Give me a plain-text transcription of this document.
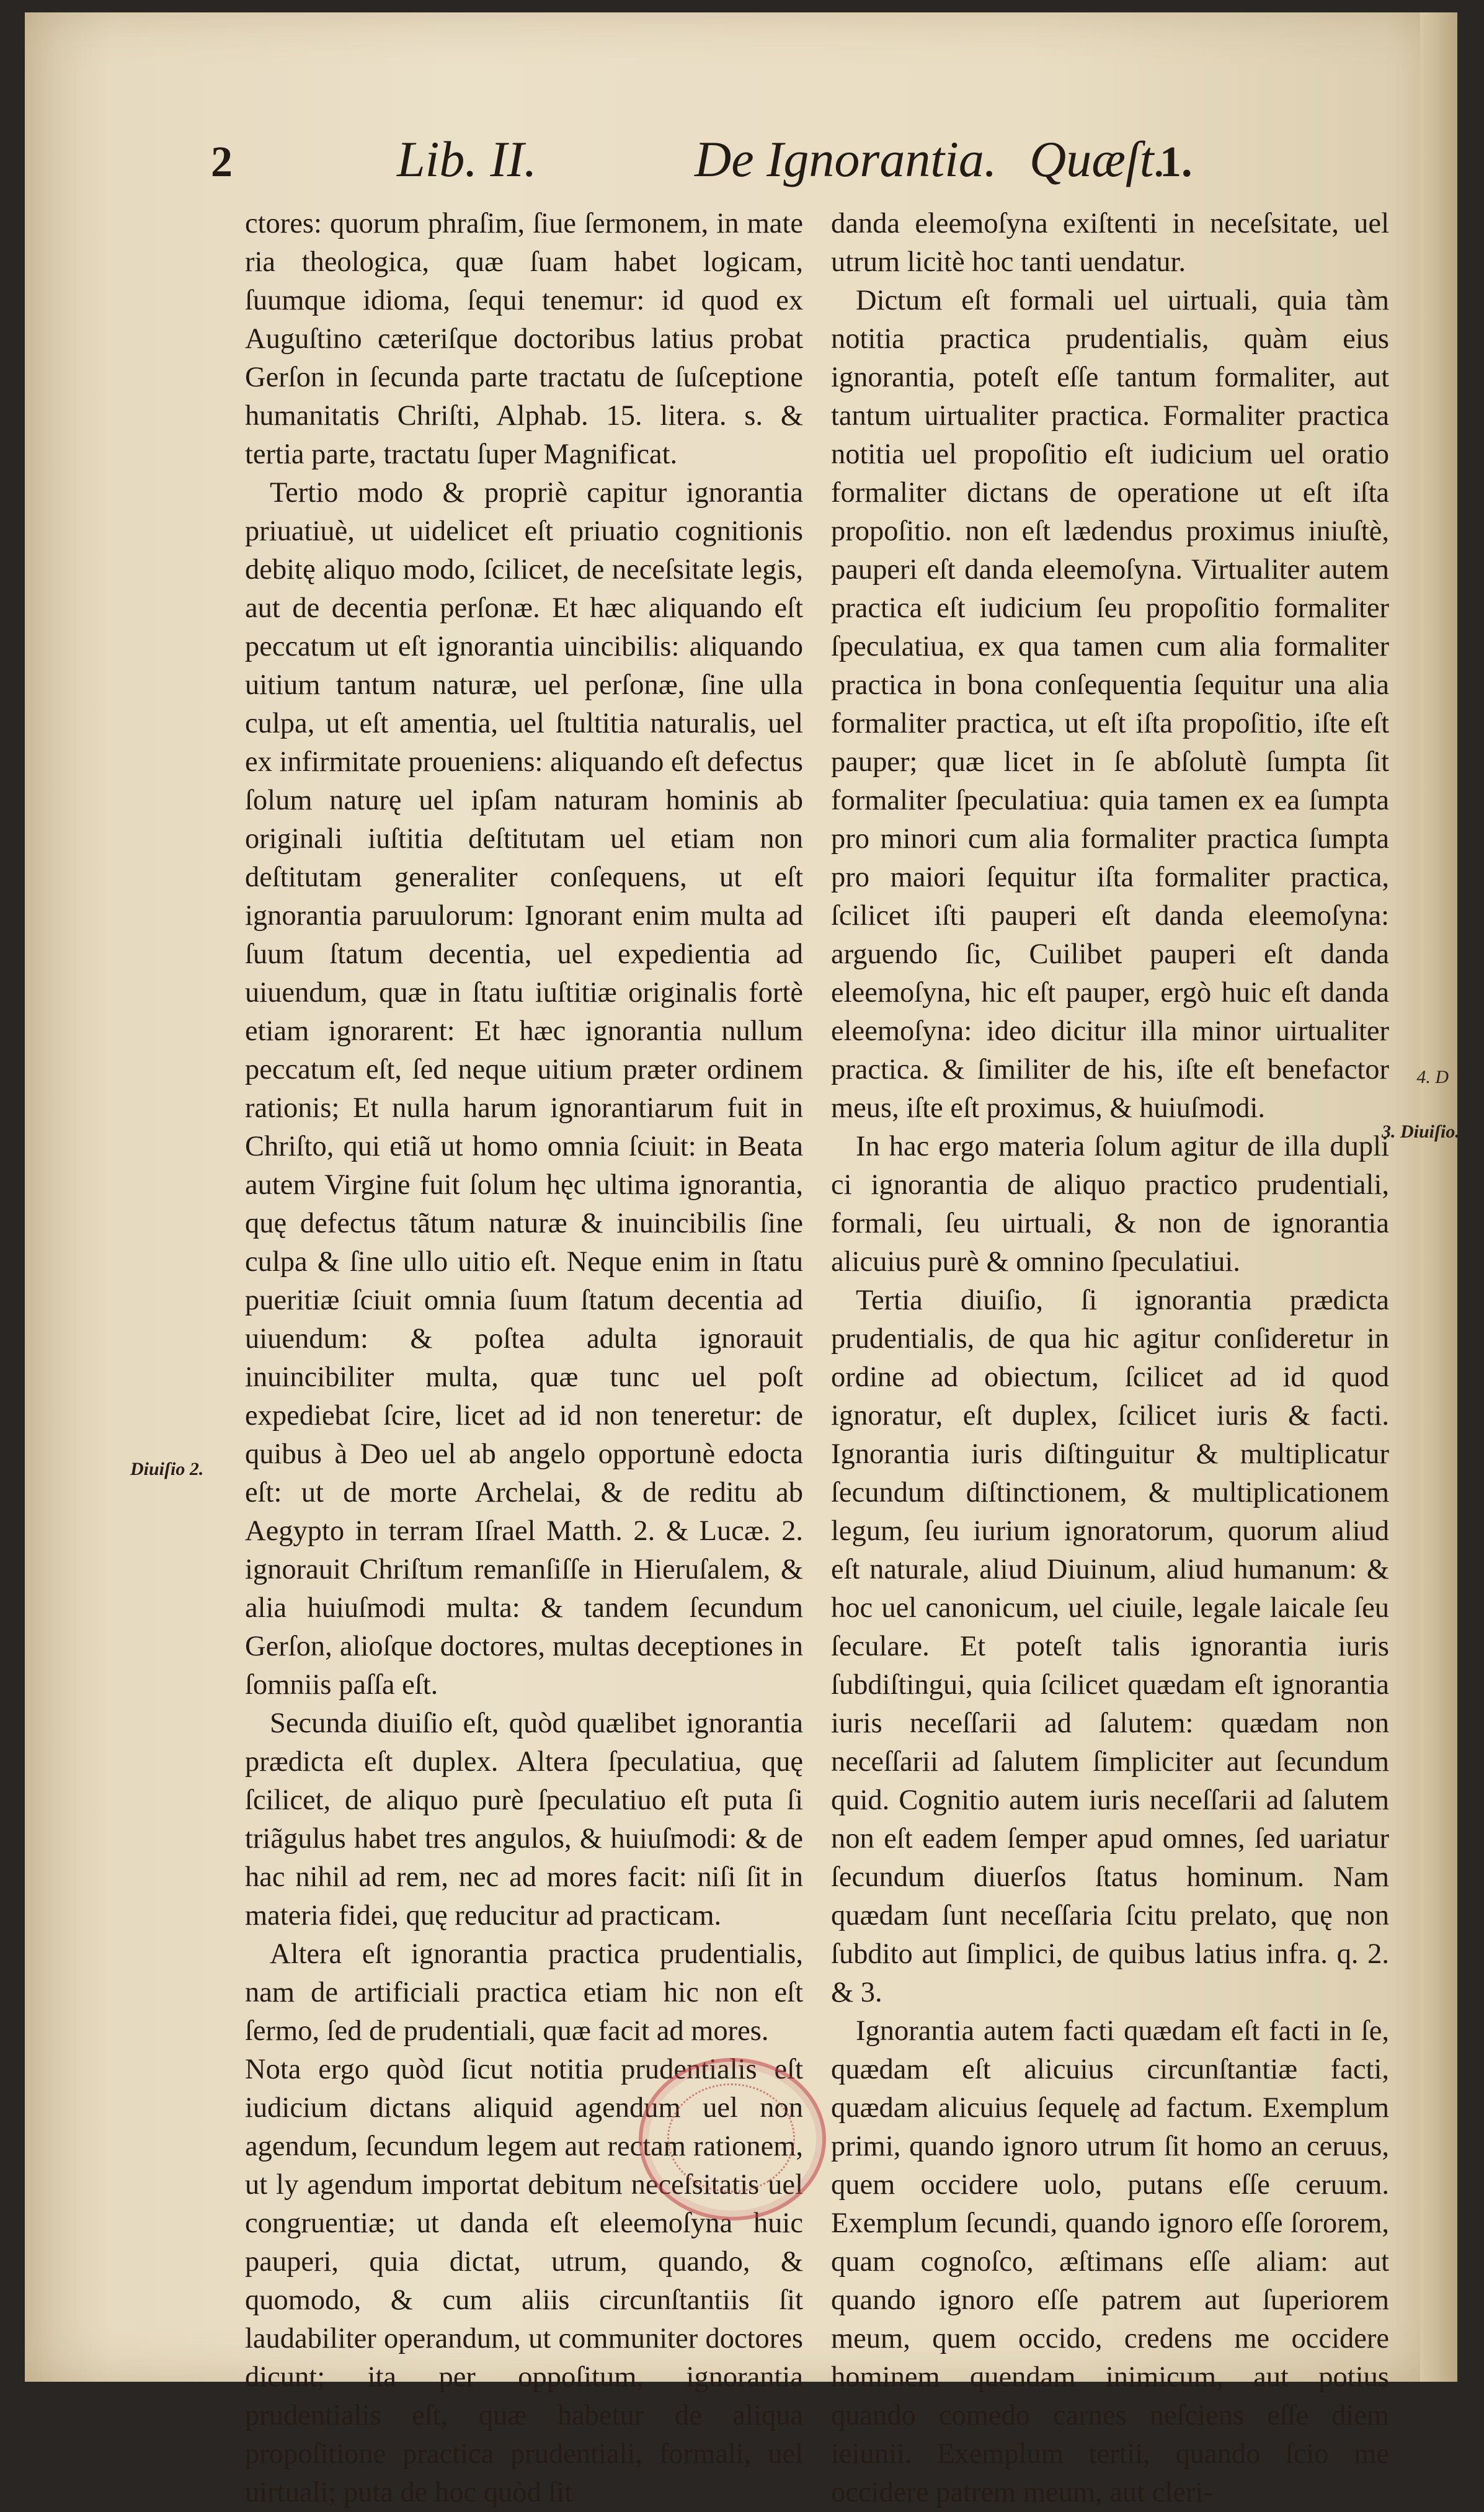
4. D
2	Lib. II.	De Ignorantia. Quæſt.
1.

ctores: quorum phraſim, ſiue ſermonem, in mate ria theologica, quæ ſuam habet logicam, ſuumque idioma, ſequi tenemur: id quod ex Auguſtino cæteriſque doctoribus latius probat Gerſon in ſecunda parte tractatu de ſuſceptione humanitatis Chriſti, Alphab. 15. litera. s. & tertia parte, tractatu ſuper Magnificat.

Tertio modo & propriè capitur ignorantia priuatiuè, ut uidelicet eſt priuatio cognitionis debitę aliquo modo, ſcilicet, de neceſsitate legis, aut de decentia perſonæ. Et hæc aliquando eſt peccatum ut eſt ignorantia uincibilis: aliquando uitium tantum naturæ, uel perſonæ, ſine ulla culpa, ut eſt amentia, uel ſtultitia naturalis, uel ex infirmitate proueniens: aliquando eſt defectus ſolum naturę uel ipſam naturam hominis ab originali iuſtitia deſtitutam uel etiam non deſtitutam generaliter conſequens, ut eſt ignorantia paruulorum: Ignorant enim multa ad ſuum ſtatum decentia, uel expedientia ad uiuendum, quæ in ſtatu iuſtitiæ originalis fortè etiam ignorarent: Et hæc ignorantia nullum peccatum eſt, ſed neque uitium præter ordinem rationis; Et nulla harum ignorantiarum fuit in Chriſto, qui etiã ut homo omnia ſciuit: in Beata autem Virgine fuit ſolum hęc ultima ignorantia, quę defectus tãtum naturæ & inuincibilis ſine culpa & ſine ullo uitio eſt. Neque enim in ſtatu pueritiæ ſciuit omnia ſuum ſtatum decentia ad uiuendum: & poſtea adulta ignorauit inuincibiliter multa, quæ tunc uel poſt expediebat ſcire, licet ad id non teneretur: de quibus à Deo uel ab angelo opportunè edocta eſt: ut de morte Archelai, & de reditu ab Aegypto in terram Iſrael Matth. 2. & Lucæ. 2. ignorauit Chriſtum remanſiſſe in Hieruſalem, & alia huiuſmodi multa: & tandem ſecundum Gerſon, alioſque doctores, multas deceptiones in ſomniis paſſa eſt.

Secunda diuiſio eſt, quòd quælibet ignorantia prædicta eſt duplex. Altera ſpeculatiua, quę ſcilicet, de aliquo purè ſpeculatiuo eſt puta ſi triãgulus habet tres angulos, & huiuſmodi: & de hac nihil ad rem, nec ad mores facit: niſi ſit in materia fidei, quę reducitur ad practicam.

Altera eſt ignorantia practica prudentialis, nam de artificiali practica etiam hic non eſt ſermo, ſed de prudentiali, quæ facit ad mores.

Nota ergo quòd ſicut notitia prudentialis eſt iudicium dictans aliquid agendum uel non agendum, ſecundum legem aut rectam rationem, ut ly agendum importat debitum neceſsitatis uel congruentiæ; ut danda eſt eleemoſyna huic pauperi, quia dictat, utrum, quando, & quomodo, & cum aliis circunſtantiis ſit laudabiliter operandum, ut communiter doctores dicunt; ita per oppoſitum, ignorantia prudentialis eſt, quæ habetur de aliqua propoſitione practica prudentiali, formali, uel uirtuali; puta de hoc quòd ſit

danda eleemoſyna exiſtenti in neceſsitate, uel utrum licitè hoc tanti uendatur.

Dictum eſt formali uel uirtuali, quia tàm notitia practica prudentialis, quàm eius ignorantia, poteſt eſſe tantum formaliter, aut tantum uirtualiter practica. Formaliter practica notitia uel propoſitio eſt iudicium uel oratio formaliter dictans de operatione ut eſt iſta propoſitio. non eſt lædendus proximus iniuſtè, pauperi eſt danda eleemoſyna. Virtualiter autem practica eſt iudicium ſeu propoſitio formaliter ſpeculatiua, ex qua tamen cum alia formaliter practica in bona conſequentia ſequitur una alia formaliter practica, ut eſt iſta propoſitio, iſte eſt pauper; quæ licet in ſe abſolutè ſumpta ſit formaliter ſpeculatiua: quia tamen ex ea ſumpta pro minori cum alia formaliter practica ſumpta pro maiori ſequitur iſta formaliter practica, ſcilicet iſti pauperi eſt danda eleemoſyna: arguendo ſic, Cuilibet pauperi eſt danda eleemoſyna, hic eſt pauper, ergò huic eſt danda eleemoſyna: ideo dicitur illa minor uirtualiter practica. & ſimiliter de his, iſte eſt benefactor meus, iſte eſt proximus, & huiuſmodi.

In hac ergo materia ſolum agitur de illa dupli ci ignorantia de aliquo practico prudentiali, formali, ſeu uirtuali, & non de ignorantia alicuius purè & omnino ſpeculatiui.

Tertia diuiſio, ſi ignorantia prædicta prudentialis, de qua hic agitur conſideretur in ordine ad obiectum, ſcilicet ad id quod ignoratur, eſt duplex, ſcilicet iuris & facti. Ignorantia iuris diſtinguitur & multiplicatur ſecundum diſtinctionem, & multiplicationem legum, ſeu iurium ignoratorum, quorum aliud eſt naturale, aliud Diuinum, aliud humanum: & hoc uel canonicum, uel ciuile, legale laicale ſeu ſeculare. Et poteſt talis ignorantia iuris ſubdiſtingui, quia ſcilicet quædam eſt ignorantia iuris neceſſarii ad ſalutem: quædam non neceſſarii ad ſalutem ſimpliciter aut ſecundum quid. Cognitio autem iuris neceſſarii ad ſalutem non eſt eadem ſemper apud omnes, ſed uariatur ſecundum diuerſos ſtatus hominum. Nam quædam ſunt neceſſaria ſcitu prelato, quę non ſubdito aut ſimplici, de quibus latius infra. q. 2. & 3.

Ignorantia autem facti quædam eſt facti in ſe, quædam eſt alicuius circunſtantiæ facti, quædam alicuius ſequelę ad factum. Exemplum primi, quando ignoro utrum ſit homo an ceruus, quem occidere uolo, putans eſſe ceruum. Exemplum ſecundi, quando ignoro eſſe ſororem, quam cognoſco, æſtimans eſſe aliam: aut quando ignoro eſſe patrem aut ſuperiorem meum, quem occido, credens me occidere hominem quendam inimicum, aut potius quando comedo carnes neſciens eſſe diem ieiunii. Exemplum tertii, quando ſcio me occidere patrem meum, aut cleri-

Diuiſio 2.
3. Diuiſio.
